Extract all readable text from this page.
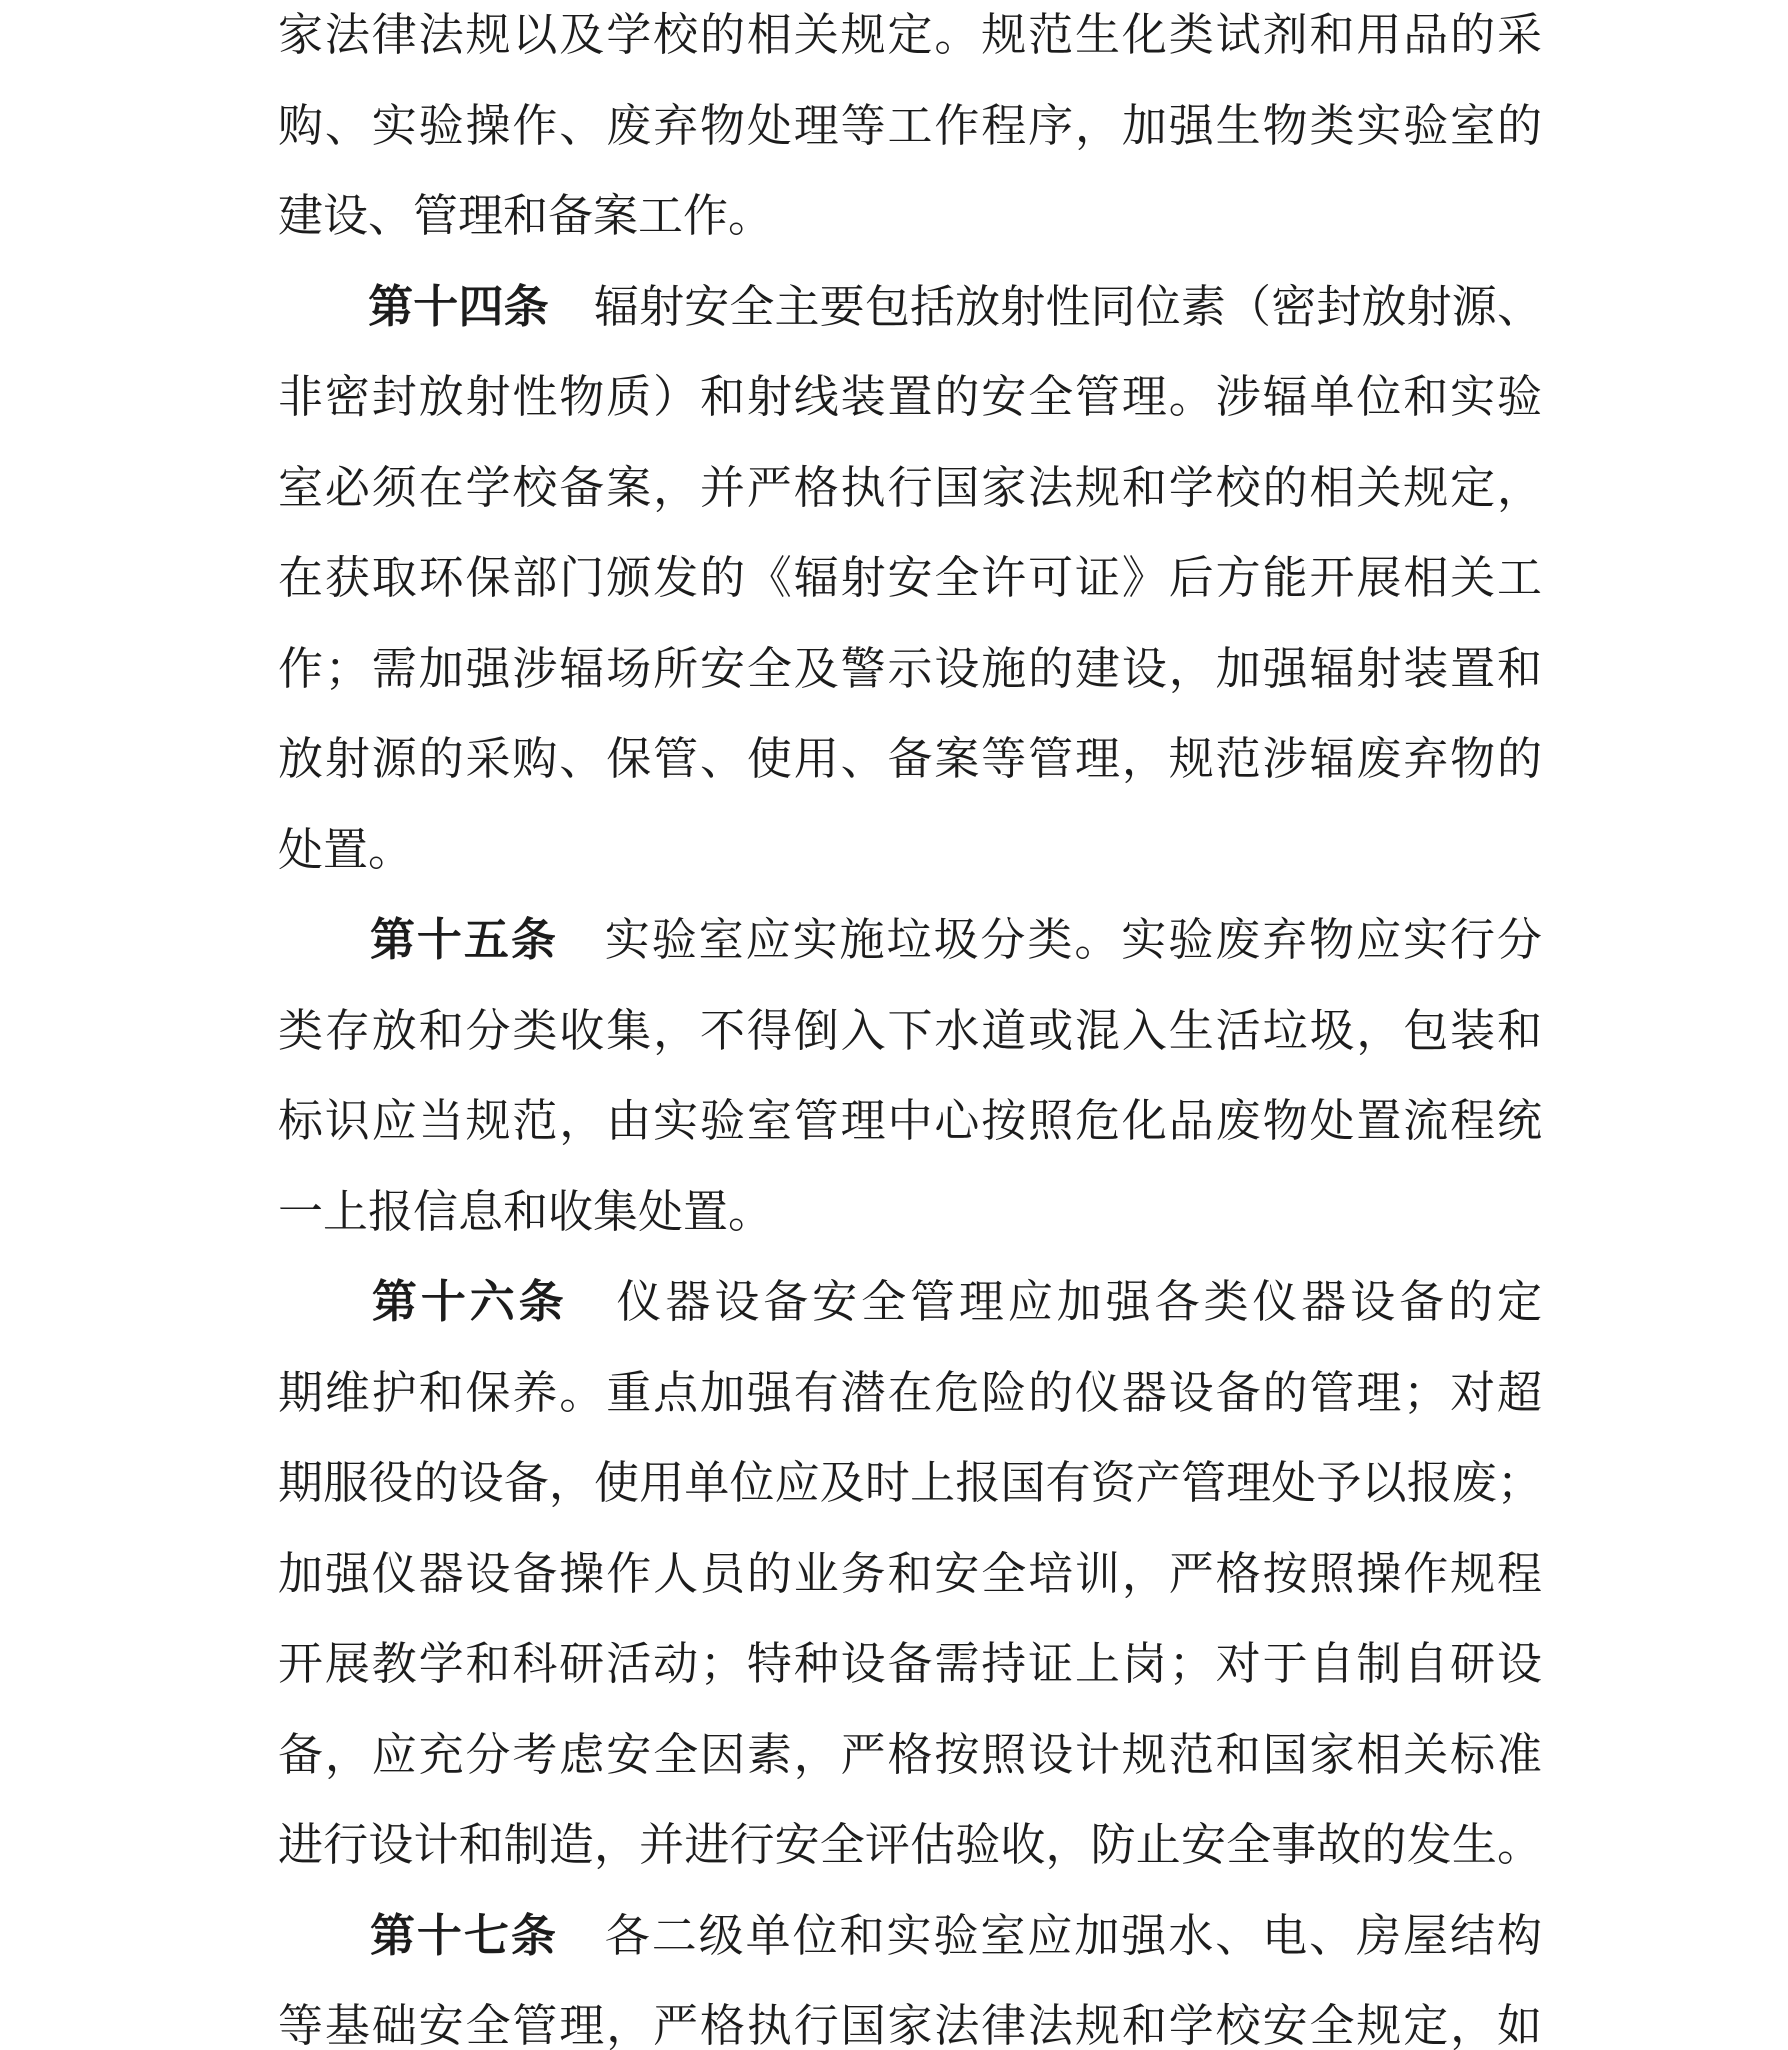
家法律法规以及学校的相关规定。规范生化类试剂和用品的采
购、实验操作、废弃物处理等工作程序，加强生物类实验室的
建设、管理和备案工作。
第十四条　 辐射安全主要包括放射性同位素（密封放射源、
非密封放射性物质）和射线装置的安全管理。涉辐单位和实验
室必须在学校备案，并严格执行国家法规和学校的相关规定，
在获取环保部门颁发的《辐射安全许可证》后方能开展相关工
作；需加强涉辐场所安全及警示设施的建设，加强辐射装置和
放射源的采购、保管、使用、备案等管理，规范涉辐废弃物的
处置。
第十五条　 实验室应实施垃圾分类。实验废弃物应实行分
类存放和分类收集，不得倒入下水道或混入生活垃圾，包装和
标识应当规范，由实验室管理中心按照危化品废物处置流程统
一上报信息和收集处置。
第十六条　 仪器设备安全管理应加强各类仪器设备的定
期维护和保养。重点加强有潜在危险的仪器设备的管理；对超
期服役的设备，使用单位应及时上报国有资产管理处予以报废；
加强仪器设备操作人员的业务和安全培训，严格按照操作规程
开展教学和科研活动；特种设备需持证上岗；对于自制自研设
备，应充分考虑安全因素，严格按照设计规范和国家相关标准
进行设计和制造，并进行安全评估验收，防止安全事故的发生。
第十七条　 各二级单位和实验室应加强水、电、房屋结构
等基础安全管理，严格执行国家法律法规和学校安全规定，如
